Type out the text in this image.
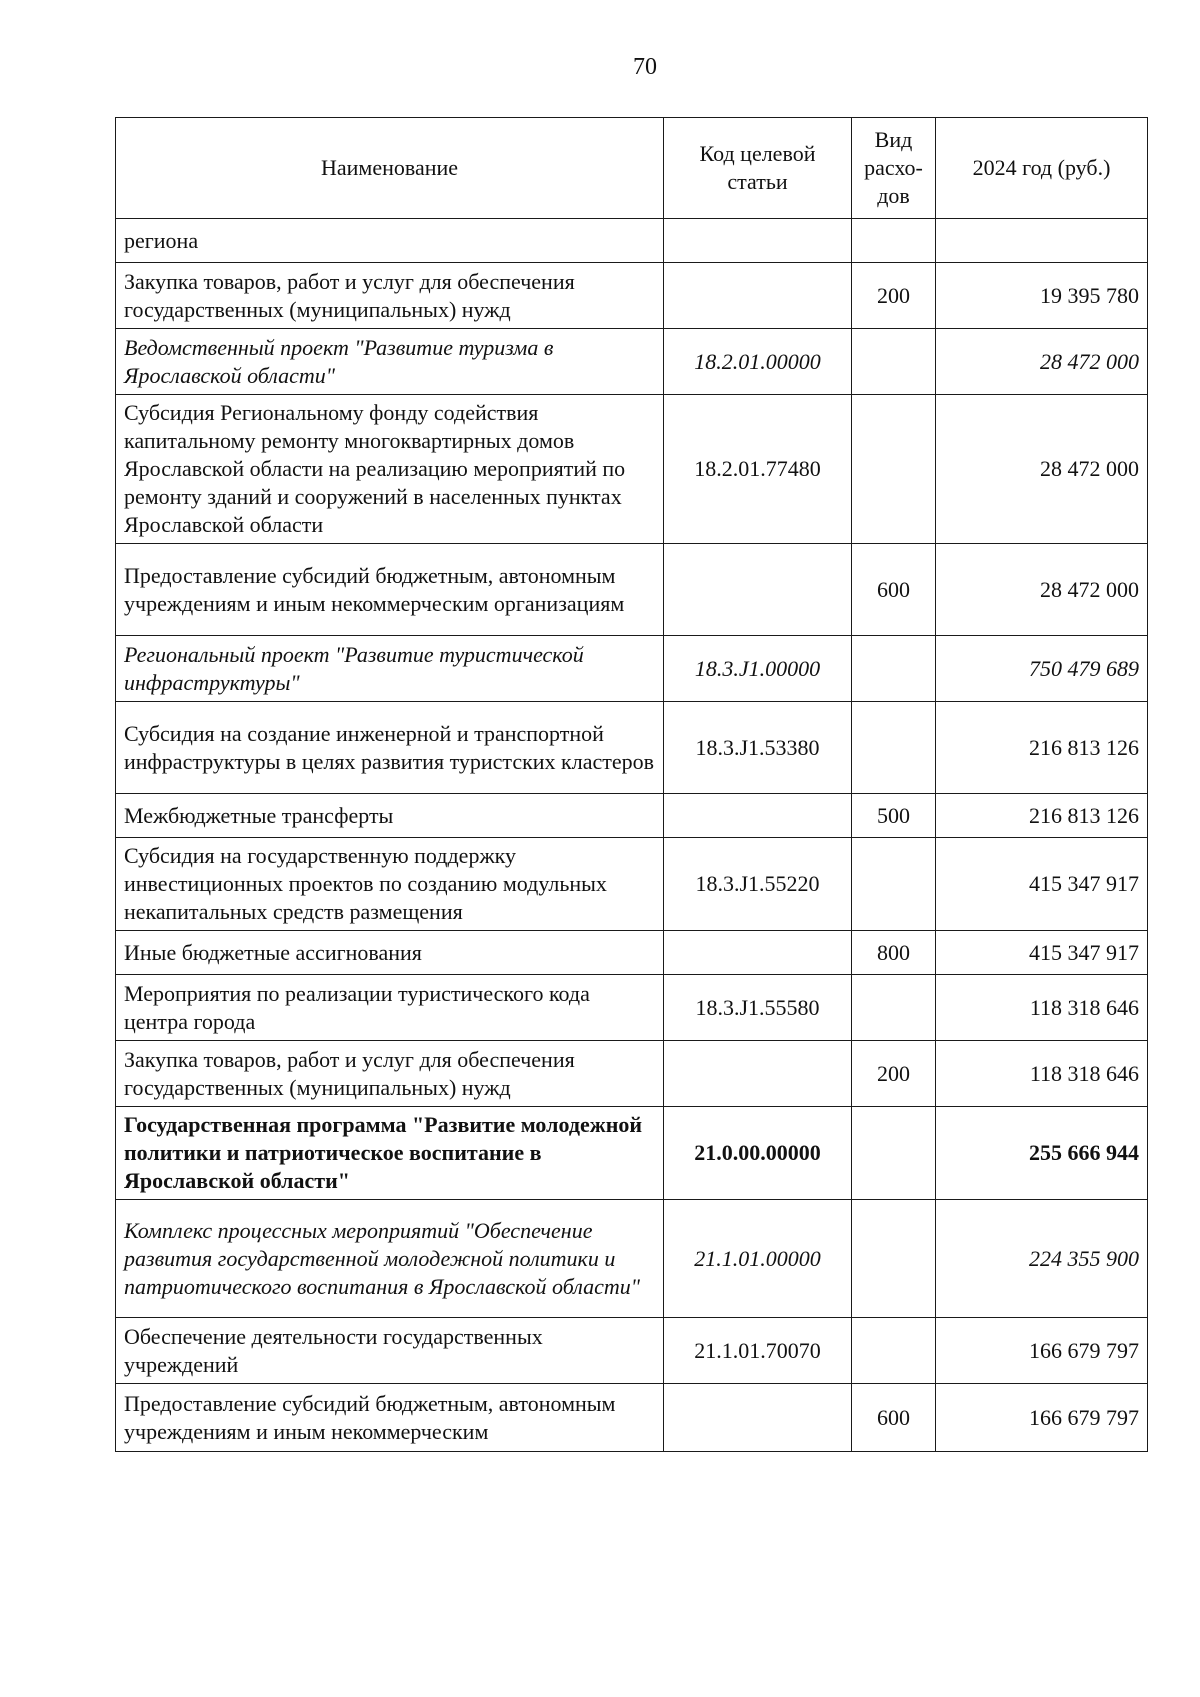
70
Наименование	Код целевой статьи	Вид расхо-дов	2024 год (руб.)
региона			
Закупка товаров, работ и услуг для обеспечения государственных (муниципальных) нужд		200	19 395 780
Ведомственный проект "Развитие туризма в Ярославской области"	18.2.01.00000		28 472 000
Субсидия Региональному фонду содействия капитальному ремонту многоквартирных домов Ярославской области на реализацию мероприятий по ремонту зданий и сооружений в населенных пунктах Ярославской области	18.2.01.77480		28 472 000
Предоставление субсидий бюджетным, автономным учреждениям и иным некоммерческим организациям		600	28 472 000
Региональный проект "Развитие туристической инфраструктуры"	18.3.J1.00000		750 479 689
Субсидия на создание инженерной и транспортной инфраструктуры в целях развития туристских кластеров	18.3.J1.53380		216 813 126
Межбюджетные трансферты		500	216 813 126
Субсидия на государственную поддержку инвестиционных проектов по созданию модульных некапитальных средств размещения	18.3.J1.55220		415 347 917
Иные бюджетные ассигнования		800	415 347 917
Мероприятия по реализации туристического кода центра города	18.3.J1.55580		118 318 646
Закупка товаров, работ и услуг для обеспечения государственных (муниципальных) нужд		200	118 318 646
Государственная программа "Развитие молодежной политики и патриотическое воспитание в Ярославской области"	21.0.00.00000		255 666 944
Комплекс процессных мероприятий "Обеспечение развития государственной молодежной политики и патриотического воспитания в Ярославской области"	21.1.01.00000		224 355 900
Обеспечение деятельности государственных учреждений	21.1.01.70070		166 679 797
Предоставление субсидий бюджетным, автономным учреждениям и иным некоммерческим		600	166 679 797
